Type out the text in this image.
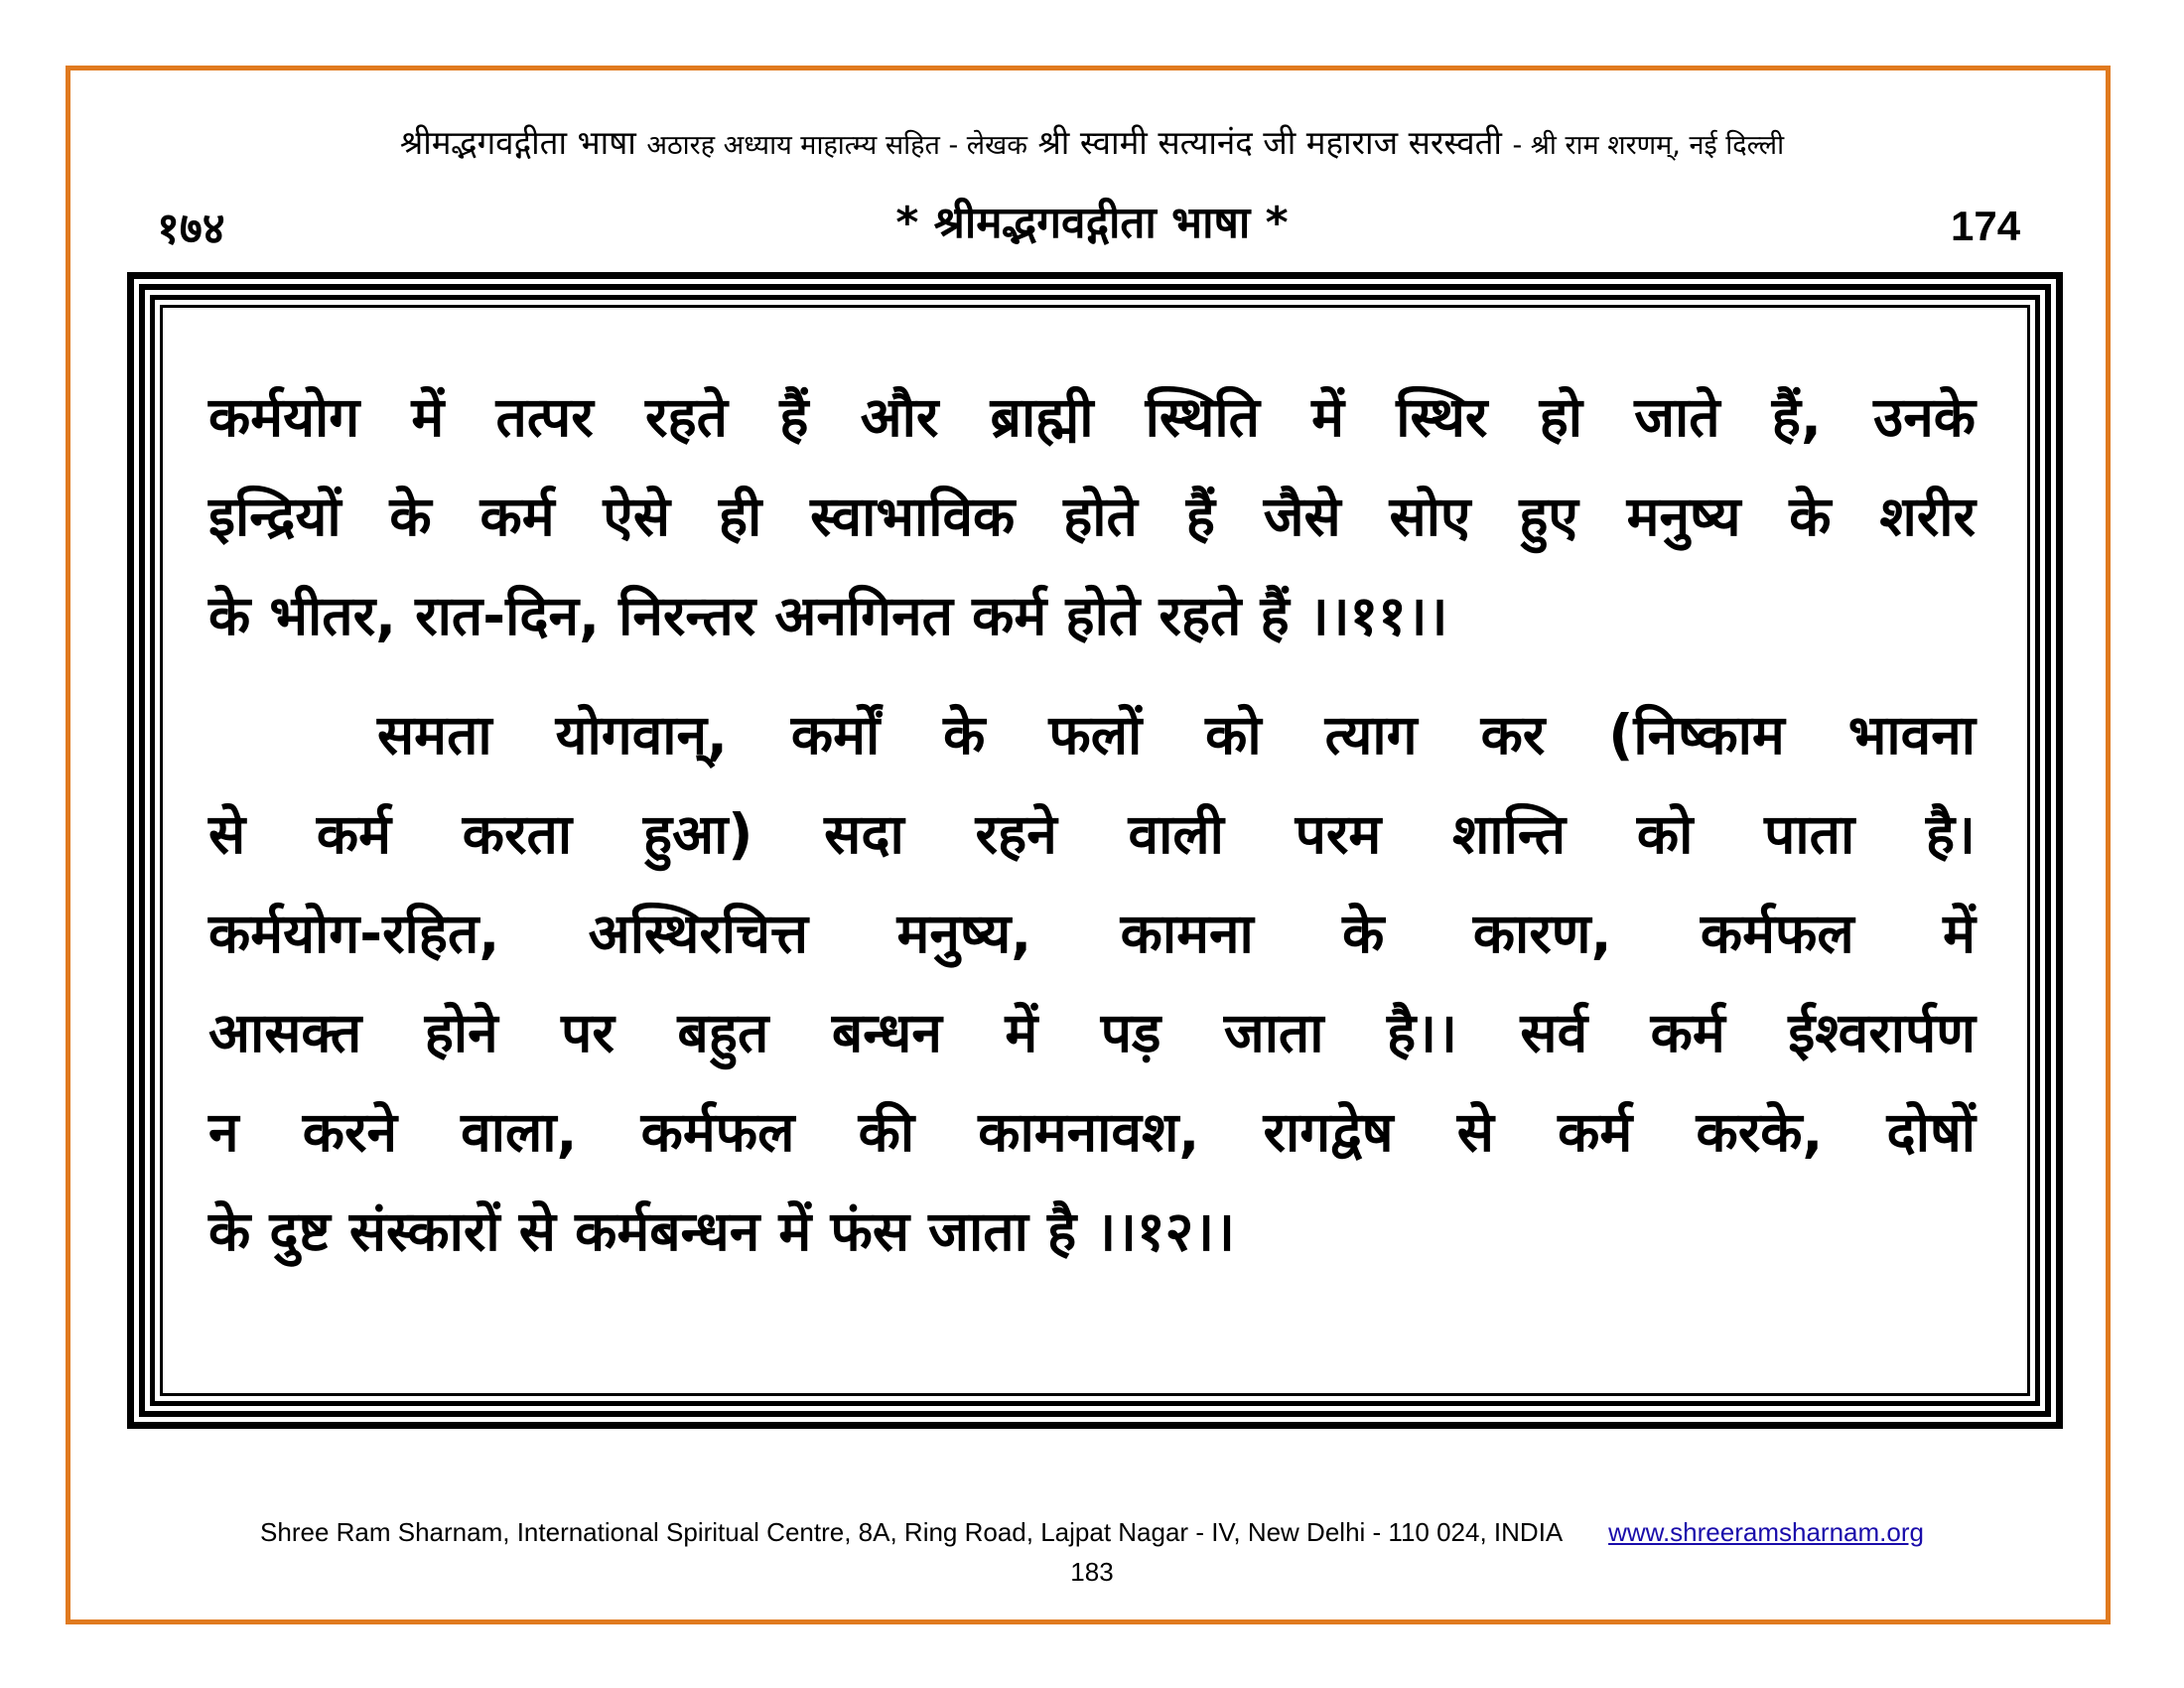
श्रीमद्भगवद्गीता भाषा अठारह अध्याय माहात्म्य सहित - लेखक श्री स्वामी सत्यानंद जी महाराज सरस्वती - श्री राम शरणम्, नई दिल्ली
१७४	* श्रीमद्भगवद्गीता भाषा *	174

कर्मयोग में तत्पर रहते हैं और ब्राह्मी स्थिति में स्थिर हो जाते हैं, उनके

इन्द्रियों के कर्म ऐसे ही स्वाभाविक होते हैं जैसे सोए हुए मनुष्य के शरीर

के भीतर, रात-दिन, निरन्तर अनगिनत कर्म होते रहते हैं ।।११।।

समता योगवान्, कर्मों के फलों को त्याग कर (निष्काम भावना

से कर्म करता हुआ) सदा रहने वाली परम शान्ति को पाता है।

कर्मयोग-रहित, अस्थिरचित्त मनुष्य, कामना के कारण, कर्मफल में

आसक्त होने पर बहुत बन्धन में पड़ जाता है।। सर्व कर्म ईश्वरार्पण

न करने वाला, कर्मफल की कामनावश, रागद्वेष से कर्म करके, दोषों

के दुष्ट संस्कारों से कर्मबन्धन में फंस जाता है ।।१२।।

Shree Ram Sharnam, International Spiritual Centre, 8A, Ring Road, Lajpat Nagar - IV, New Delhi - 110 024, INDIA www.shreeramsharnam.org
183
